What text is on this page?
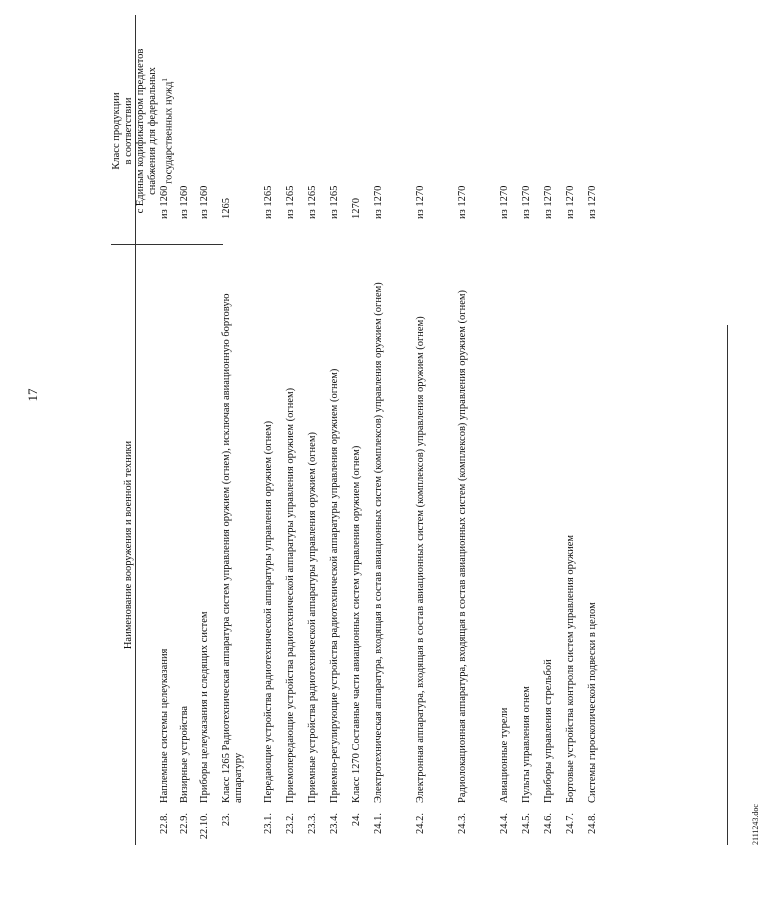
17
Наименование вооружения и военной техники
Класс продукции в соответствии с Единым кодификатором предметов снабжения для федеральных государственных нужд$^1$
22.8.
Наплемные системы целеуказания
из 1260
22.9.
Визирные устройства
из 1260
22.10.
Приборы целеуказания и следящих систем
из 1260
23.
Класс 1265 Радиотехническая аппаратура систем управления оружием (огнем), исключая авиационную бортовую аппаратуру
1265
23.1.
Передающие устройства радиотехнической аппаратуры управления оружием (огнем)
из 1265
23.2.
Приемопередающие устройства радиотехнической аппаратуры управления оружием (огнем)
из 1265
23.3.
Приемные устройства радиотехнической аппаратуры управления оружием (огнем)
из 1265
23.4.
Приемно-регулирующие устройства радиотехнической аппаратуры управления оружием (огнем)
из 1265
24.
Класс 1270 Составные части авиационных систем управления оружием (огнем)
1270
24.1.
Электротехническая аппаратура, входящая в состав авиационных систем (комплексов) управления оружием (огнем)
из 1270
24.2.
Электронная аппаратура, входящая в состав авиационных систем (комплексов) управления оружием (огнем)
из 1270
24.3.
Радиолокационная аппаратура, входящая в состав авиационных систем (комплексов) управления оружием (огнем)
из 1270
24.4.
Авиационные турели
из 1270
24.5.
Пульты управления огнем
из 1270
24.6.
Приборы управления стрельбой
из 1270
24.7.
Бортовые устройства контроля систем управления оружием
из 1270
24.8.
Системы гироскопической подвески в целом
из 1270
2111243.doc
